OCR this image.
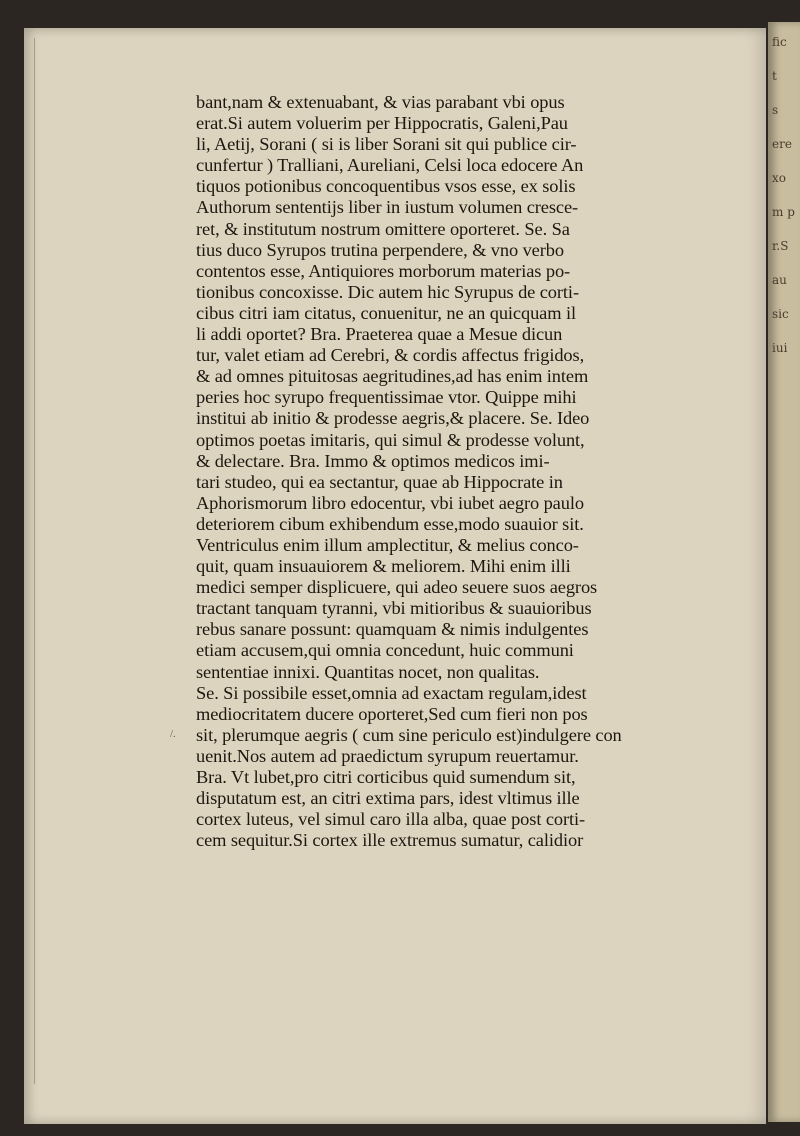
bant,nam & extenuabant, & vias parabant vbi opus
erat.Si autem voluerim per Hippocratis, Galeni,Pau
li, Aetij, Sorani ( si is liber Sorani sit qui publice cir-
cunfertur ) Tralliani, Aureliani, Celsi loca edocere An
tiquos potionibus concoquentibus vsos esse, ex solis
Authorum sententijs liber in iustum volumen cresce-
ret, & institutum nostrum omittere oporteret. Se. Sa
tius duco Syrupos trutina perpendere, & vno verbo
contentos esse, Antiquiores morborum materias po-
tionibus concoxisse. Dic autem hic Syrupus de corti-
cibus citri iam citatus, conuenitur, ne an quicquam il
li addi oportet? Bra. Praeterea quae a Mesue dicun
tur, valet etiam ad Cerebri, & cordis affectus frigidos,
& ad omnes pituitosas aegritudines,ad has enim intem
peries hoc syrupo frequentissimae vtor. Quippe mihi
institui ab initio & prodesse aegris,& placere. Se. Ideo
optimos poetas imitaris, qui simul & prodesse volunt,
& delectare. Bra. Immo & optimos medicos imi-
tari studeo, qui ea sectantur, quae ab Hippocrate in
Aphorismorum libro edocentur, vbi iubet aegro paulo
deteriorem cibum exhibendum esse,modo suauior sit.
Ventriculus enim illum amplectitur, & melius conco-
quit, quam insuauiorem & meliorem. Mihi enim illi
medici semper displicuere, qui adeo seuere suos aegros
tractant tanquam tyranni, vbi mitioribus & suauioribus
rebus sanare possunt: quamquam & nimis indulgentes
etiam accusem,qui omnia concedunt, huic communi
sententiae innixi. Quantitas nocet, non qualitas.
Se. Si possibile esset,omnia ad exactam regulam,idest
mediocritatem ducere oporteret,Sed cum fieri non pos
sit, plerumque aegris ( cum sine periculo est)indulgere con
uenit.Nos autem ad praedictum syrupum reuertamur.
Bra. Vt lubet,pro citri corticibus quid sumendum sit,
disputatum est, an citri extima pars, idest vltimus ille
cortex luteus, vel simul caro illa alba, quae post corti-
cem sequitur.Si cortex ille extremus sumatur, calidior
/.
fic
t
s
ere
xo
m p
r.S
au
sic
iui
